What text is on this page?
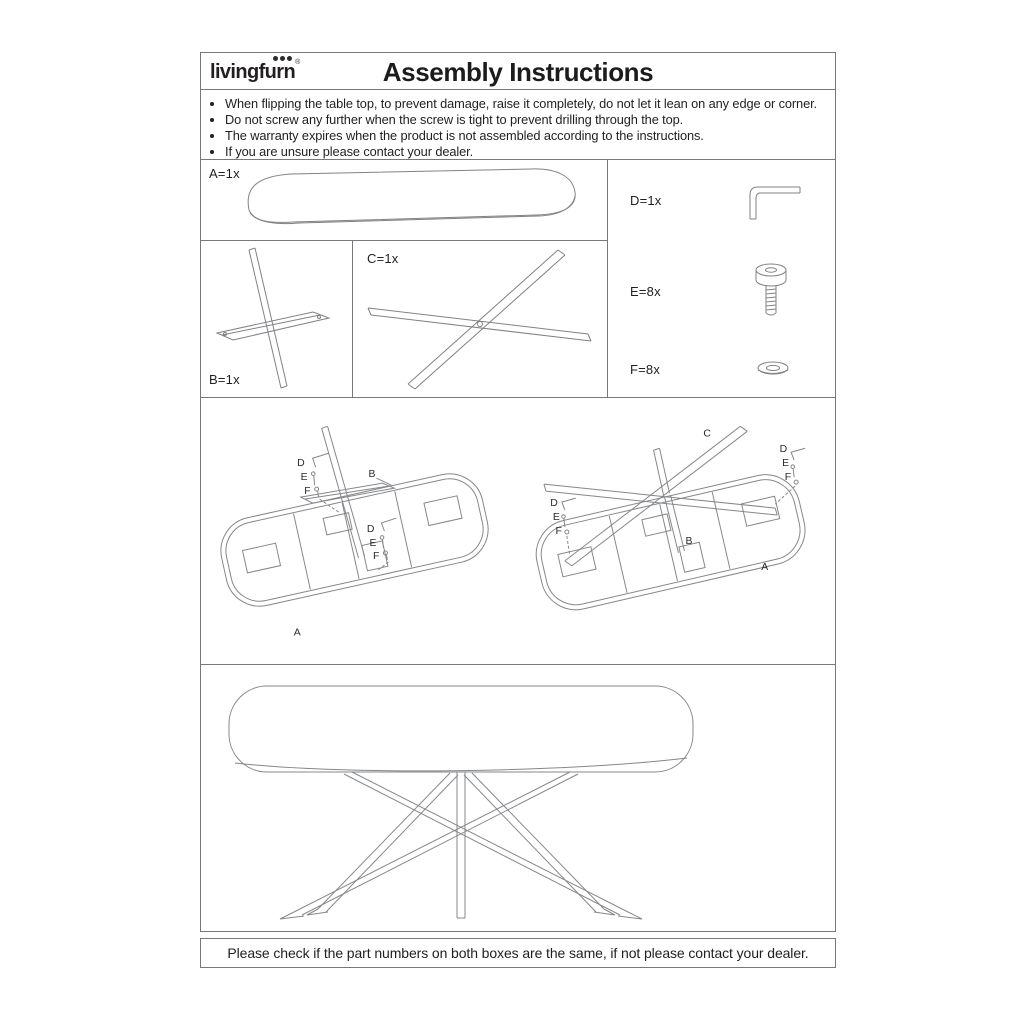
livingfurn®	Assembly Instructions
• When flipping the table top, to prevent damage, raise it completely, do not let it lean on any edge or corner.
• Do not screw any further when the screw is tight to prevent drilling through the top.
• The warranty expires when the product is not assembled according to the instructions.
• If you are unsure please contact your dealer.
A=1x
B=1x
C=1x
D=1x
E=8x
F=8x
D
E
F
B
D
E
F
A
C
D
E
F
D
E
F
B
A
Please check if the part numbers on both boxes are the same, if not please contact your dealer.
